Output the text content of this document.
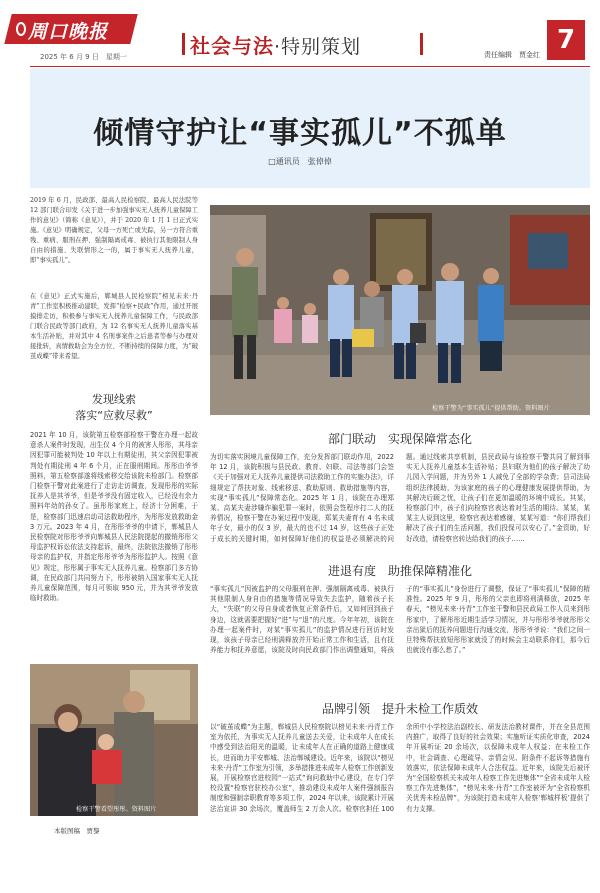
周口晚报
2025 年 6 月 9 日　星期一	社会与法·特别策划	责任编辑　贾金红 7
倾情守护让“事实孤儿”不孤单
□通讯员　张倬倬
2019 年 6 月，民政部、最高人民检察院、最高人民法院等 12 部门联合印发《关于进一步加强事实无人抚养儿童保障工作的意见》（简称《意见》），并于 2020 年 1 月 1 日正式实施。《意见》明确规定，父母一方死亡或失踪，另一方符合重残、重病、服刑在押、强制隔离戒毒、被执行其他限制人身自由的措施、失联情形之一的，属于事实无人抚养儿童，即“事实孤儿”。
在《意见》正式实施后，郸城县人民检察院“榜见未来·丹青”工作室积极推动建联，发挥“检察+民政”作用，通过开展摸排走访，积极参与事实无人抚养儿童保障工作，与民政部门联合民政等部门政府，为 12 名事实无人抚养儿童落实基本生活补贴，并对其中 4 名刑事案件之后患者等参与办理对接批转，真情救助会为全方位、不断持续的保障力度，为“破茧成蝶”带来希望。
发现线索
落实“应救尽救”
2021 年 10 月，该院第五检察部检察干警在办理一起故意杀人案件时发现，出生仅 4 个月的被害人彤彤，其母亲因犯罪可能被判处 10 年以上有期徒刑，其父亲因犯罪被判处有期徒刑 4 年 6 个月，正在服刑期间。彤彤由爷爷照料，第五检察部遂将线索移交给该院未检部门。检察部门检察干警对此案进行了走访走访调查，发现彤彤的实际抚养人是其爷爷，但是爷爷没有固定收入，已经没有余力照料年幼的孙女了。虽彤彤家庭上，经济十分困难，于是，检察部门迅速启动司法救助程序，为彤彤发放救助金 3 万元。2023 年 4 月，在彤彤爷爷的申请下，郸城县人民检察院对彤彤爷爷向郸城县人民法院提起的撤销彤彤父母监护权诉讼依法支持起诉，最终，法院依法撤销了彤彤母亲的监护权，并指定彤彤爷爷为彤彤监护人。按照《意见》规定，彤彤属于事实无人抚养儿童。检察部门多方协调，在民政部门共同努力下，彤彤被纳入国家事实无人抚养儿童保障范围，每月可领取 950 元，并为其爷爷发放临时救助。
检察干警为“事实孤儿”提供帮助。资料图片
部门联动　实现保障常态化
为切实落实困境儿童保障工作，充分发挥部门联动作用，2022 年 12 月，该院积极与县民政、教育、妇联、司法等部门会签《关于加强对无人抚养儿童提供司法救助工作的实施办法》，详细规定了帮扶对象、线索移送、救助原则、救助措施等内容，实现“事实孤儿”保障常态化。2025 年 1 月，该院在办理郑某、高某夫妻涉嫌诈骗犯罪一案时，依照会签程序打二人的抚养情况，检察干警在办案过程中发现，郑某夫妻育有 4 名未成年子女，最小的仅 3 岁，最大的也不过 14 岁，这些孩子正处于成长的关键时期，如何保障好他们的权益是必须解决的问题。通过线索共享机制，县民政局与该检察干警共同了解到事实无人抚养儿童基本生活补贴；县妇联为他们的孩子解决了幼儿园入学问题，并为另外 1 人减免了全部的学杂费；县司法局组织法律援助，为该家庭的孩子的心理健康发展提供帮助，为其解决后顾之忧，让孩子们在更加温暖的环境中成长。其某，检察部门中，孩子们向检察官表达着对生活的期待。某某，某某主人说到这里，检察官表达着感谢，某某写道：“你们帮我们解决了孩子们的生活问题，我们投保可以安心了。”金资助，好好改造，请检察官转达给我们的孩子……
进退有度　助推保障精准化
“事实孤儿”因被监护的父母服刑在押、强制隔离戒毒、被执行其他限制人身自由的措施等情况导致失去监护，随着孩子长大，“失联”的父母自身或者恢复正常条件后，又如何回到孩子身边，这就需要把握好“进”与“退”的尺度。今年年初，该院在办理一起案件时，对某“事实孤儿”的监护情况进行回访时发现，该孩子母亲已经刑满释放并开始正常工作和生活，且有抚养能力和抚养意愿，该院及时向民政部门作出调整通知，将孩子的“事实孤儿”身份进行了调整，保证了“事实孤儿”保障的精准性。2025 年 9 月，彤彤的父亲也即将刑满释放，2025 年春天，“榜见未来·丹青”工作室干警和县民政局工作人员来到彤彤家中，了解彤彤近期生活学习情况，并与彤彤爷爷就彤彤父亲出狱后的抚养问题进行沟通交流，彤彤爷爷说：“我们之间一旦特殊帮扶放短彤彤家就没了的时候会主动联系你们，那今后也就没有那么愁了。”
检察干警看望彤彤。资料图片
品牌引领　提升未检工作质效
以“破茧成蝶”为主题，郸城县人民检察院以榜见未来·丹青工作室为依托，为事实无人抚养儿童送去关爱，让未成年人在成长中感受到法治阳光的温暖，让未成年人在正确的道路上健康成长，进而助力平安郸城、法治郸城建设。近年来，该院以“榜见未来·丹青”工作室为引领，多举措推进未成年人检察工作创新发展，开展检察官进校园“一站式”询问救助中心建设，在专门学校设置“检察官驻校办公室”，推动建设未成年人案件强制报告制度和强制亲职教育等多项工作，2024 年以来，该院累计开展法治宣讲 30 余场次，覆盖师生 2 万余人次。检察官担任 100 余所中小学校法治副校长、研发法治教材课件，并在全县范围内推广，取得了良好的社会效果；实施听证实质化审查，2024 年开展听证 20 余场次，以保障未成年人权益；在未检工作中，社会调查、心理疏导、亲情会见、附条件不起诉等措施有效落实，依法保障未成年人合法权益。近年来，该院先后被评为“全国检察机关未成年人检察工作先进集体”“全省未成年人检察工作先进集体”，“榜见未来·丹青”工作室被评为“全省检察机关优秀未检品牌”，为该院打造未成年人检察‘郸城样板’提供了有力支撑。
本版图稿　贾黎
